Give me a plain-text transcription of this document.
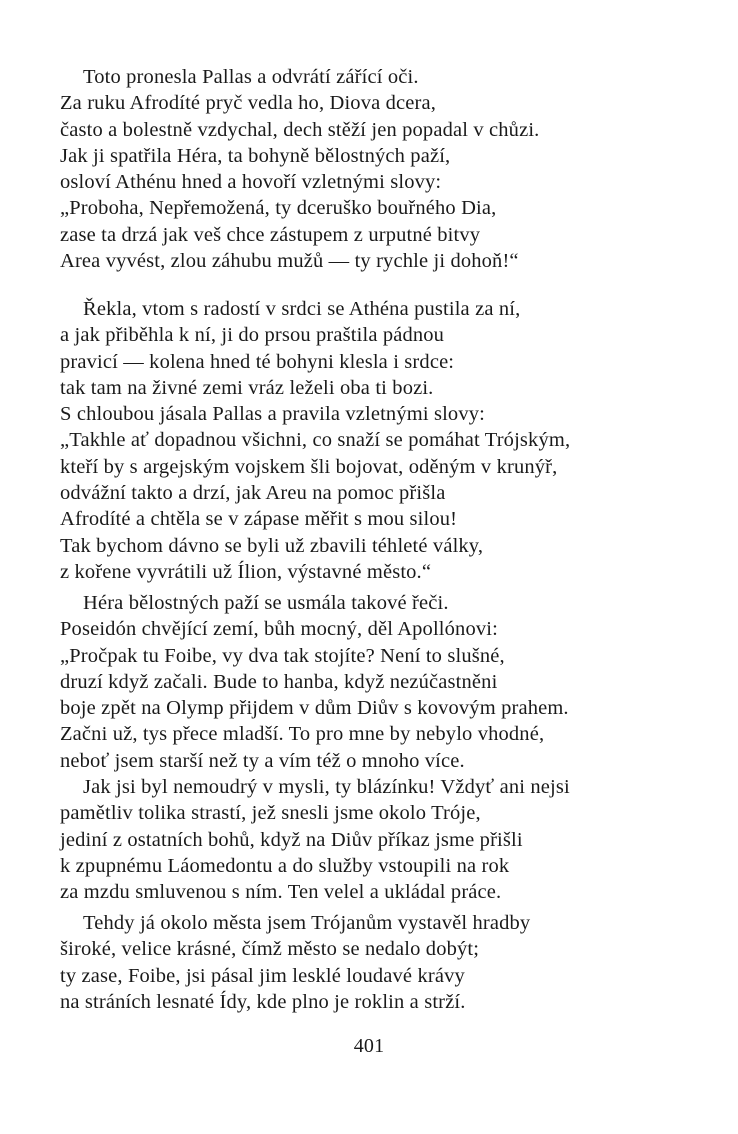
Toto pronesla Pallas a odvrátí zářící oči.
Za ruku Afrodíté pryč vedla ho, Diova dcera,
často a bolestně vzdychal, dech stěží jen popadal v chůzi.
Jak ji spatřila Héra, ta bohyně bělostných paží,
osloví Athénu hned a hovoří vzletnými slovy:
„Proboha, Nepřemožená, ty dceruško bouřného Dia,
zase ta drzá jak veš chce zástupem z urputné bitvy
Area vyvést, zlou záhubu mužů — ty rychle ji dohoň!“
Řekla, vtom s radostí v srdci se Athéna pustila za ní,
a jak přiběhla k ní, ji do prsou praštila pádnou
pravicí — kolena hned té bohyni klesla i srdce:
tak tam na živné zemi vráz leželi oba ti bozi.
S chloubou jásala Pallas a pravila vzletnými slovy:
„Takhle ať dopadnou všichni, co snaží se pomáhat Trójským,
kteří by s argejským vojskem šli bojovat, oděným v krunýř,
odvážní takto a drzí, jak Areu na pomoc přišla
Afrodíté a chtěla se v zápase měřit s mou silou!
Tak bychom dávno se byli už zbavili téhleté války,
z kořene vyvrátili už Ílion, výstavné město.“
Héra bělostných paží se usmála takové řeči.
Poseidón chvějící zemí, bůh mocný, děl Apollónovi:
„Pročpak tu Foibe, vy dva tak stojíte? Není to slušné,
druzí když začali. Bude to hanba, když nezúčastněni
boje zpět na Olymp přijdem v dům Diův s kovovým prahem.
Začni už, tys přece mladší. To pro mne by nebylo vhodné,
neboť jsem starší než ty a vím též o mnoho více.
Jak jsi byl nemoudrý v mysli, ty blázínku! Vždyť ani nejsi
pamětliv tolika strastí, jež snesli jsme okolo Tróje,
jediní z ostatních bohů, když na Diův příkaz jsme přišli
k zpupnému Láomedontu a do služby vstoupili na rok
za mzdu smluvenou s ním. Ten velel a ukládal práce.
Tehdy já okolo města jsem Trójanům vystavěl hradby
široké, velice krásné, čímž město se nedalo dobýt;
ty zase, Foibe, jsi pásal jim lesklé loudavé krávy
na stráních lesnaté Ídy, kde plno je roklin a strží.
401
